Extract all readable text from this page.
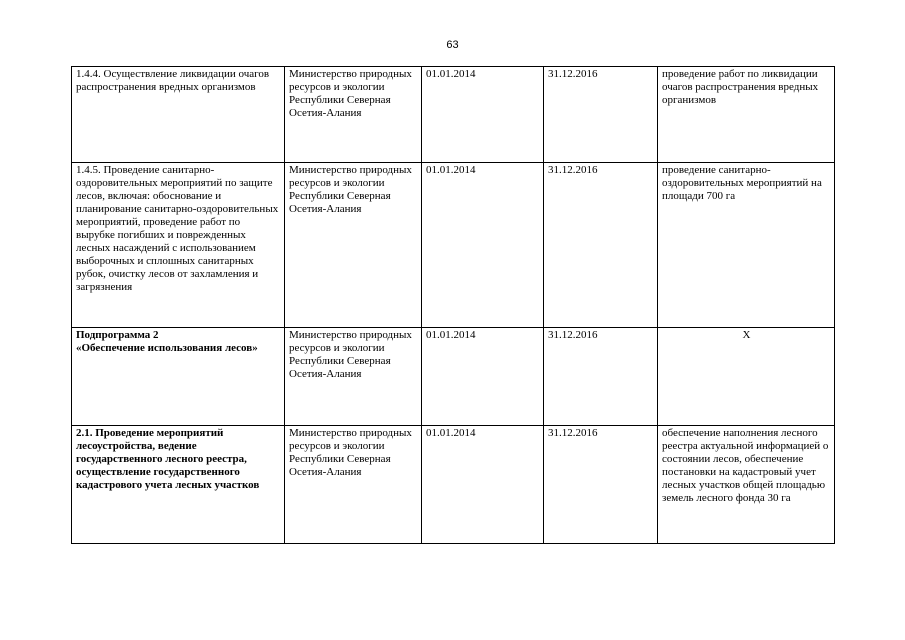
63
1.4.4. Осуществление ликвидации очагов распространения вредных организмов	Министерство природных ресурсов и экологии Республики Северная Осетия-Алания	01.01.2014	31.12.2016	проведение работ по ликвидации очагов распространения вредных организмов
1.4.5. Проведение санитарно-оздоровительных мероприятий по защите лесов, включая: обоснование и планирование санитарно-оздоровительных мероприятий, проведение работ по вырубке погибших и поврежденных лесных насаждений с использованием выборочных и сплошных санитарных рубок, очистку лесов от захламления и загрязнения	Министерство природных ресурсов и экологии Республики Северная Осетия-Алания	01.01.2014	31.12.2016	проведение санитарно-оздоровительных мероприятий на площади 700 га
Подпрограмма 2
«Обеспечение использования лесов»	Министерство природных ресурсов и экологии Республики Северная Осетия-Алания	01.01.2014	31.12.2016	Х
2.1. Проведение мероприятий лесоустройства, ведение государственного лесного реестра, осуществление государственного кадастрового учета лесных участков	Министерство природных ресурсов и экологии Республики Северная Осетия-Алания	01.01.2014	31.12.2016	обеспечение наполнения лесного реестра актуальной информацией о состоянии лесов, обеспечение постановки на кадастровый учет лесных участков общей площадью земель лесного фонда 30 га
